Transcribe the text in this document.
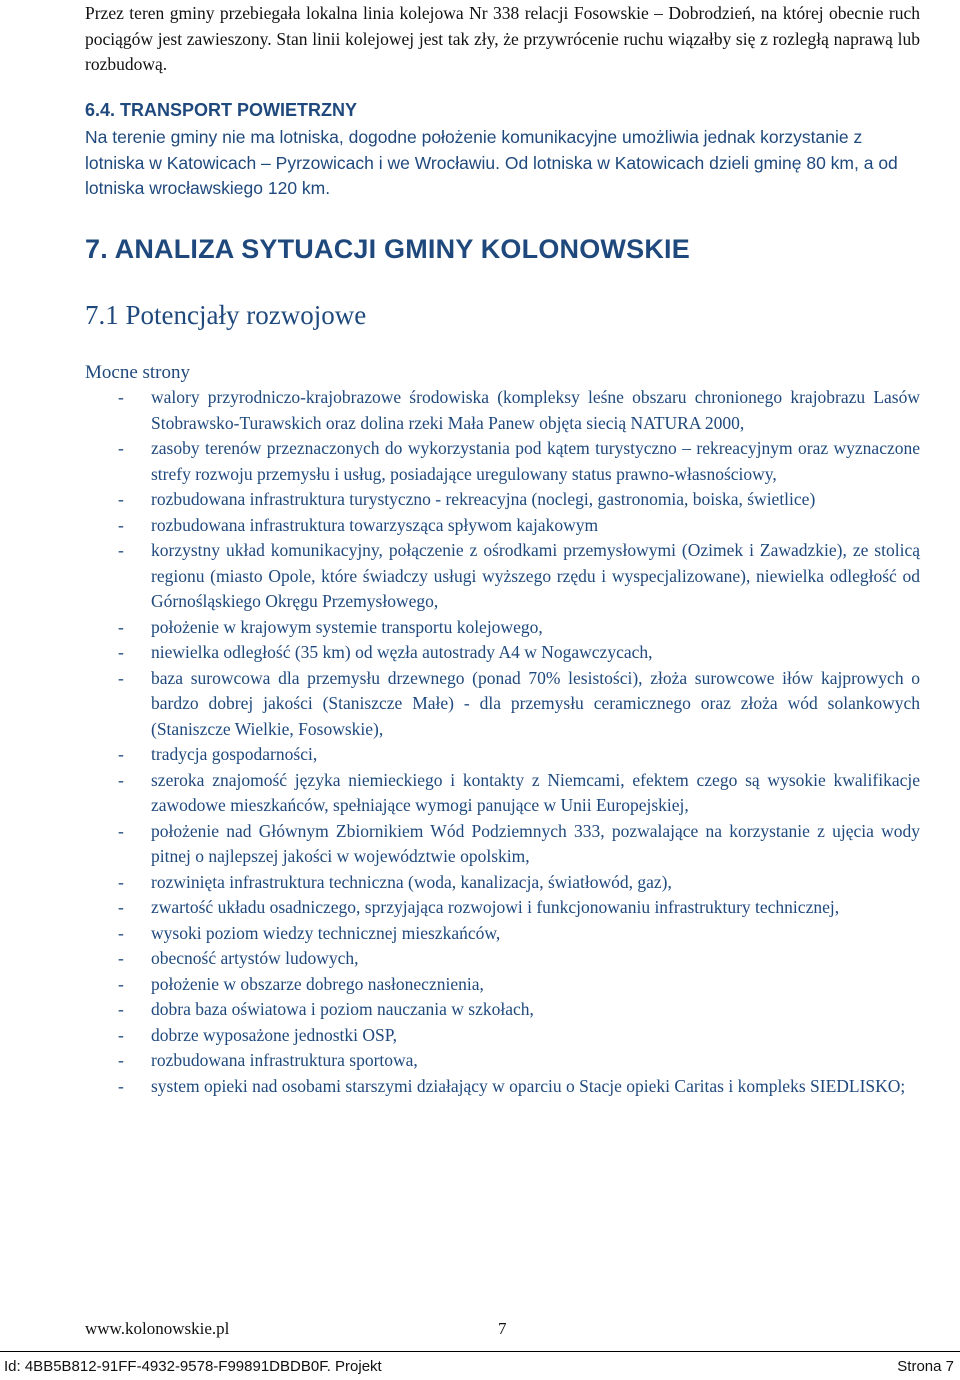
Przez teren gminy przebiegała lokalna linia kolejowa Nr 338 relacji Fosowskie – Dobrodzień, na której obecnie ruch pociągów jest zawieszony. Stan linii kolejowej jest tak zły, że przywrócenie ruchu wiązałby się z rozległą naprawą lub rozbudową.
6.4. TRANSPORT POWIETRZNY
Na terenie gminy nie ma lotniska, dogodne położenie komunikacyjne umożliwia jednak korzystanie z lotniska w Katowicach – Pyrzowicach i we Wrocławiu. Od lotniska w Katowicach dzieli gminę 80 km, a od lotniska wrocławskiego 120 km.
7. ANALIZA SYTUACJI GMINY KOLONOWSKIE
7.1 Potencjały rozwojowe
Mocne strony
- walory przyrodniczo-krajobrazowe środowiska (kompleksy leśne obszaru chronionego krajobrazu Lasów Stobrawsko-Turawskich oraz dolina rzeki Mała Panew objęta siecią NATURA 2000,
- zasoby terenów przeznaczonych do wykorzystania pod kątem turystyczno – rekreacyjnym oraz wyznaczone strefy rozwoju przemysłu i usług, posiadające uregulowany status prawno-własnościowy,
- rozbudowana infrastruktura turystyczno - rekreacyjna (noclegi, gastronomia, boiska, świetlice)
- rozbudowana infrastruktura towarzysząca spływom kajakowym
- korzystny układ komunikacyjny, połączenie z ośrodkami przemysłowymi (Ozimek i Zawadzkie), ze stolicą regionu (miasto Opole, które świadczy usługi wyższego rzędu i wyspecjalizowane), niewielka odległość od Górnośląskiego Okręgu Przemysłowego,
- położenie w krajowym systemie transportu kolejowego,
- niewielka odległość (35 km) od węzła autostrady A4 w Nogawczycach,
- baza surowcowa dla przemysłu drzewnego (ponad 70% lesistości), złoża surowcowe iłów kajprowych o bardzo dobrej jakości (Staniszcze Małe) - dla przemysłu ceramicznego oraz złoża wód solankowych (Staniszcze Wielkie, Fosowskie),
- tradycja gospodarności,
- szeroka znajomość języka niemieckiego i kontakty z Niemcami, efektem czego są wysokie kwalifikacje zawodowe mieszkańców, spełniające wymogi panujące w Unii Europejskiej,
- położenie nad Głównym Zbiornikiem Wód Podziemnych 333, pozwalające na korzystanie z ujęcia wody pitnej o najlepszej jakości w województwie opolskim,
- rozwinięta infrastruktura techniczna (woda, kanalizacja, światłowód, gaz),
- zwartość układu osadniczego, sprzyjająca rozwojowi i funkcjonowaniu infrastruktury technicznej,
- wysoki poziom wiedzy technicznej mieszkańców,
- obecność artystów ludowych,
- położenie w obszarze dobrego nasłonecznienia,
- dobra baza oświatowa i poziom nauczania w szkołach,
- dobrze wyposażone jednostki OSP,
- rozbudowana infrastruktura sportowa,
- system opieki nad osobami starszymi działający w oparciu o Stacje opieki Caritas i kompleks SIEDLISKO;
www.kolonowskie.pl	7
Id: 4BB5B812-91FF-4932-9578-F99891DBDB0F. Projekt	Strona 7
